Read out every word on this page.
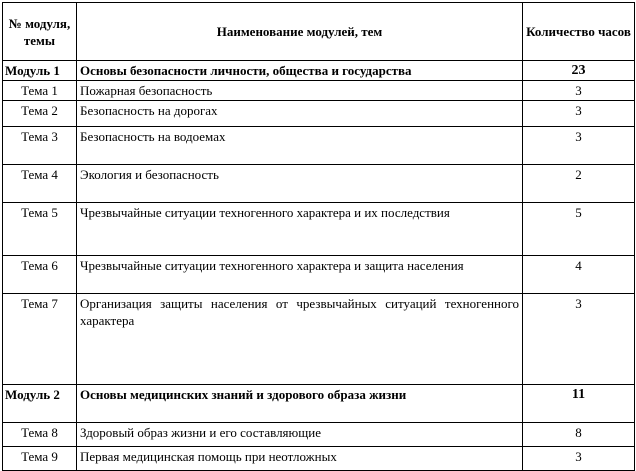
№ модуля, темы	Наименование модулей, тем	Количество часов
Модуль 1	Основы безопасности личности, общества и государства	23
Тема 1	Пожарная безопасность	3
Тема 2	Безопасность на дорогах	3
Тема 3	Безопасность на водоемах	3
Тема 4	Экология и безопасность	2
Тема 5	Чрезвычайные ситуации техногенного характера и их последствия	5
Тема 6	Чрезвычайные ситуации техногенного характера и защита населения	4
Тема 7	Организация защиты населения от чрезвычайных ситуаций техногенного характера	3
Модуль 2	Основы медицинских знаний и здорового образа жизни	11
Тема 8	Здоровый образ жизни и его составляющие	8
Тема 9	Первая медицинская помощь при неотложных	3
